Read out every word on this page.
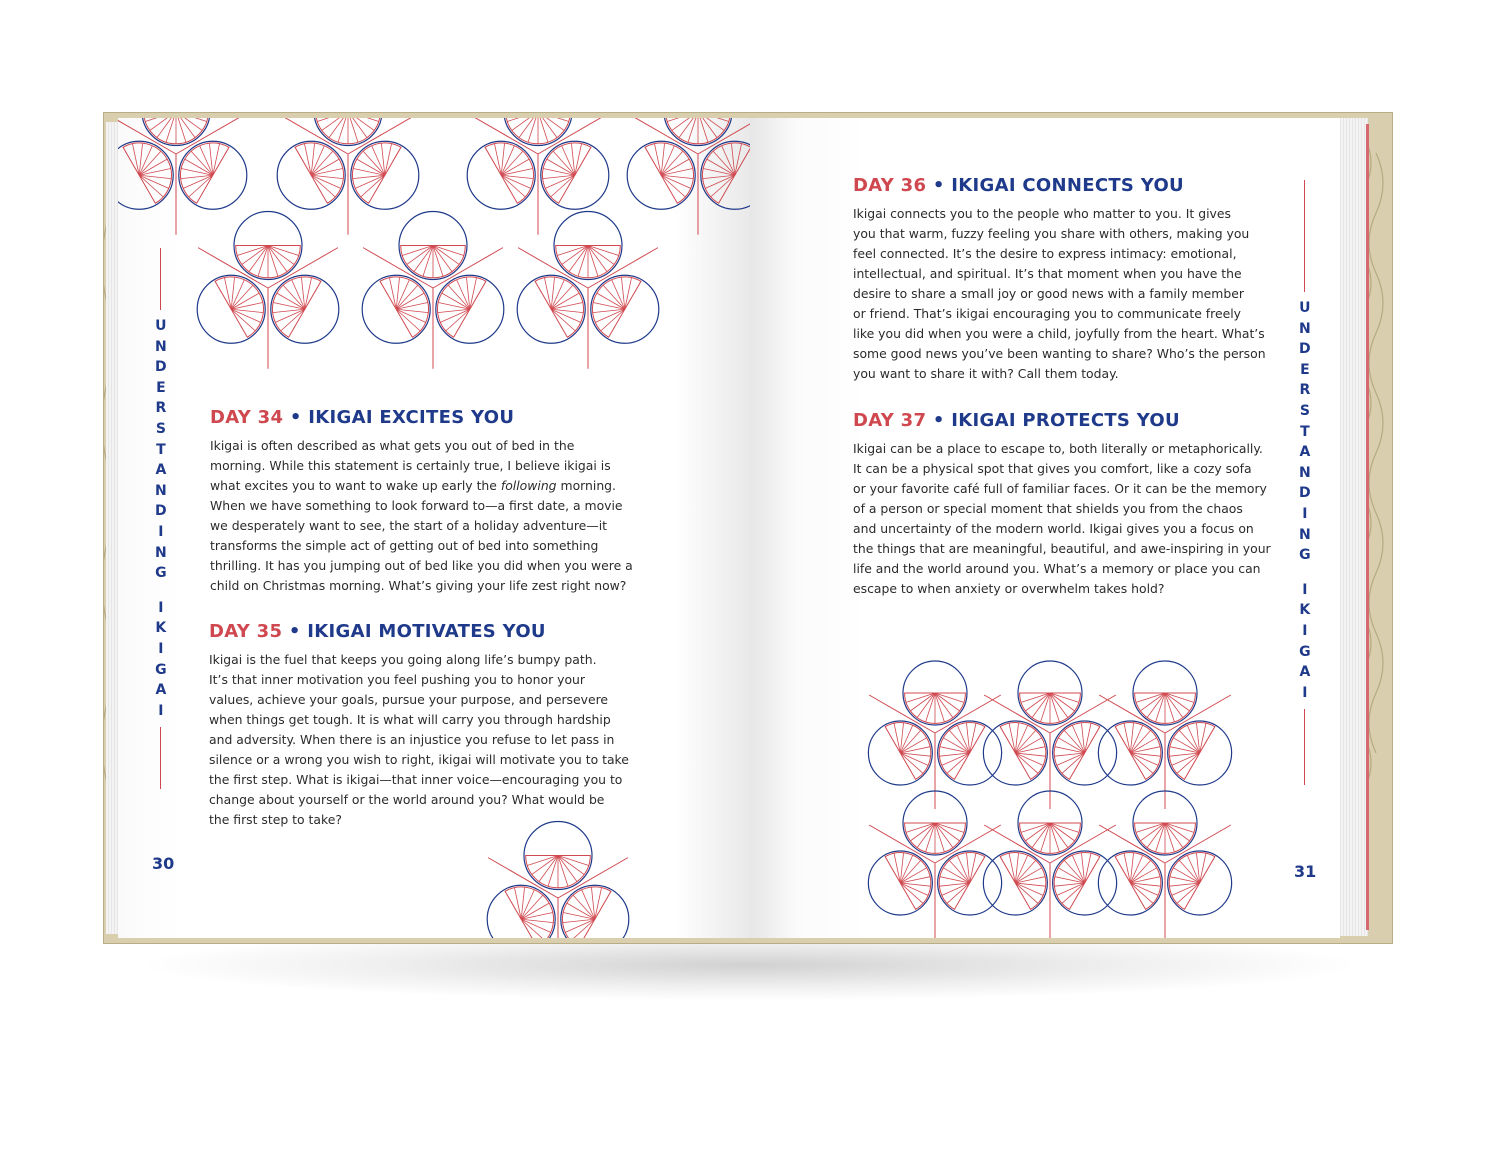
U
N
D
E
R
S
T
A
N
D
I
N
G
I
K
I
G
A
I
30
DAY 34 • IKIGAI EXCITES YOU

Ikigai is often described as what gets you out of bed in the
morning. While this statement is certainly true, I believe ikigai is
what excites you to want to wake up early the following morning.
When we have something to look forward to—a first date, a movie
we desperately want to see, the start of a holiday adventure—it
transforms the simple act of getting out of bed into something
thrilling. It has you jumping out of bed like you did when you were a
child on Christmas morning. What’s giving your life zest right now?

DAY 35 • IKIGAI MOTIVATES YOU

Ikigai is the fuel that keeps you going along life’s bumpy path.
It’s that inner motivation you feel pushing you to honor your
values, achieve your goals, pursue your purpose, and persevere
when things get tough. It is what will carry you through hardship
and adversity. When there is an injustice you refuse to let pass in
silence or a wrong you wish to right, ikigai will motivate you to take
the first step. What is ikigai—that inner voice—encouraging you to
change about yourself or the world around you? What would be
the first step to take?

DAY 36 • IKIGAI CONNECTS YOU

Ikigai connects you to the people who matter to you. It gives
you that warm, fuzzy feeling you share with others, making you
feel connected. It’s the desire to express intimacy: emotional,
intellectual, and spiritual. It’s that moment when you have the
desire to share a small joy or good news with a family member
or friend. That’s ikigai encouraging you to communicate freely
like you did when you were a child, joyfully from the heart. What’s
some good news you’ve been wanting to share? Who’s the person
you want to share it with? Call them today.

DAY 37 • IKIGAI PROTECTS YOU

Ikigai can be a place to escape to, both literally or metaphorically.
It can be a physical spot that gives you comfort, like a cozy sofa
or your favorite café full of familiar faces. Or it can be the memory
of a person or special moment that shields you from the chaos
and uncertainty of the modern world. Ikigai gives you a focus on
the things that are meaningful, beautiful, and awe-inspiring in your
life and the world around you. What’s a memory or place you can
escape to when anxiety or overwhelm takes hold?

U
N
D
E
R
S
T
A
N
D
I
N
G
I
K
I
G
A
I
31
